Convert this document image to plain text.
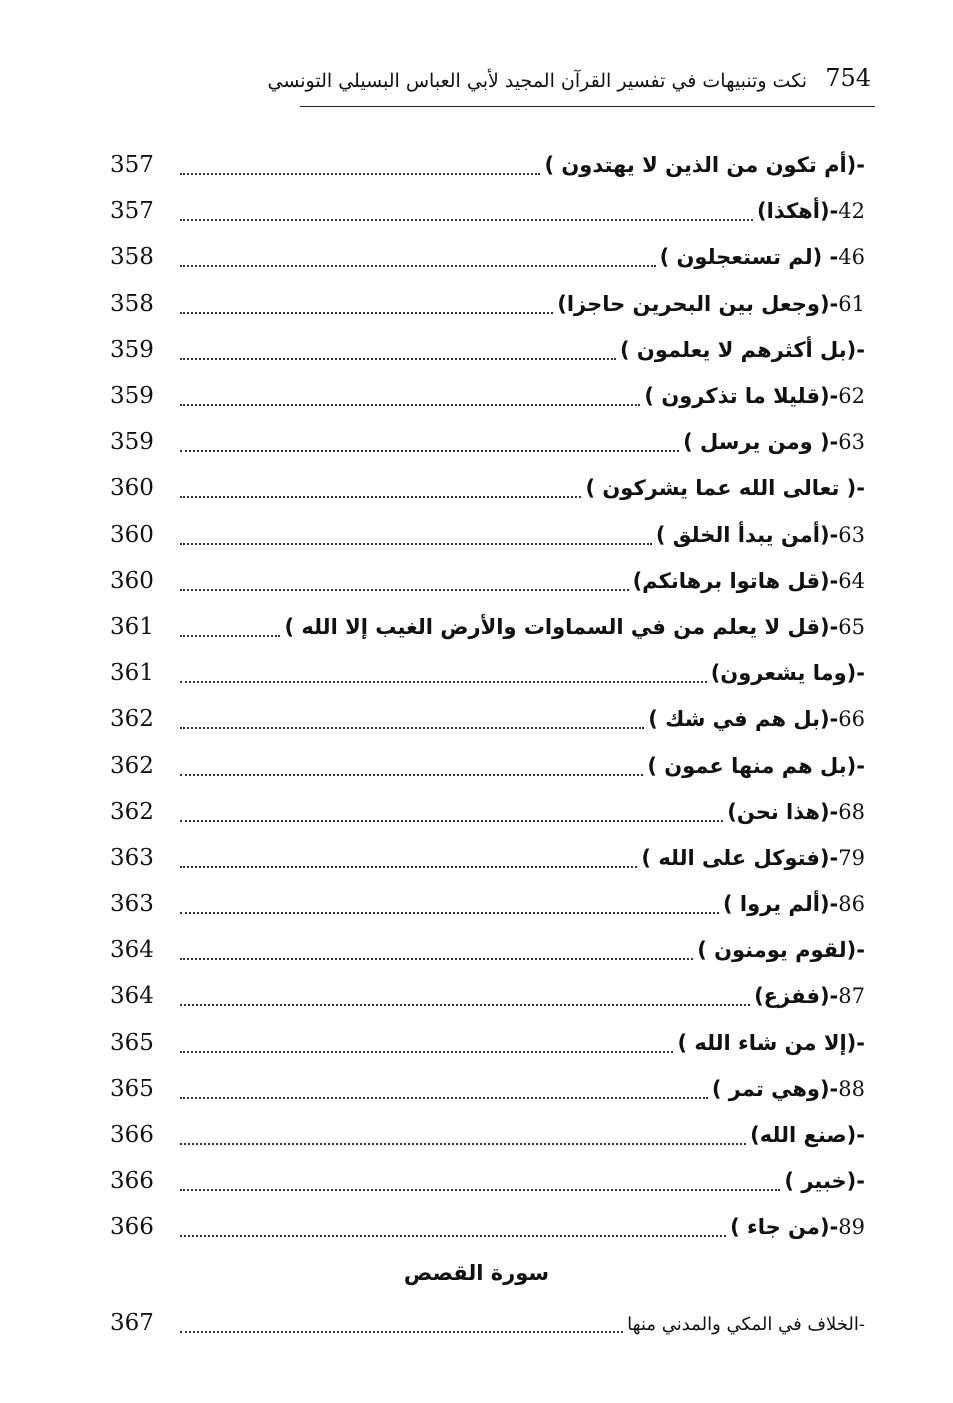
754
نكت وتنبيهات في تفسير القرآن المجيد لأبي العباس البسيلي التونسي
-(أم تكون من الذين لا يهتدون )
357
42-(أهكذا)
357
46- (لم تستعجلون )
358
61-(وجعل بين البحرين حاجزا)
358
-(بل أكثرهم لا يعلمون )
359
62-(قليلا ما تذكرون )
359
63-( ومن يرسل )
359
-( تعالى الله عما يشركون )
360
63-(أمن يبدأ الخلق )
360
64-(قل هاتوا برهانكم)
360
65-(قل لا يعلم من في السماوات والأرض الغيب إلا الله )
361
-(وما يشعرون)
361
66-(بل هم في شك )
362
-(بل هم منها عمون )
362
68-(هذا نحن)
362
79-(فتوكل على الله )
363
86-(ألم يروا )
363
-(لقوم يومنون )
364
87-(ففزع)
364
-(إلا من شاء الله )
365
88-(وهي تمر )
365
-(صنع الله)
366
-(خبير )
366
89-(من جاء )
366
سورة القصص
-الخلاف في المكي والمدني منها
367
